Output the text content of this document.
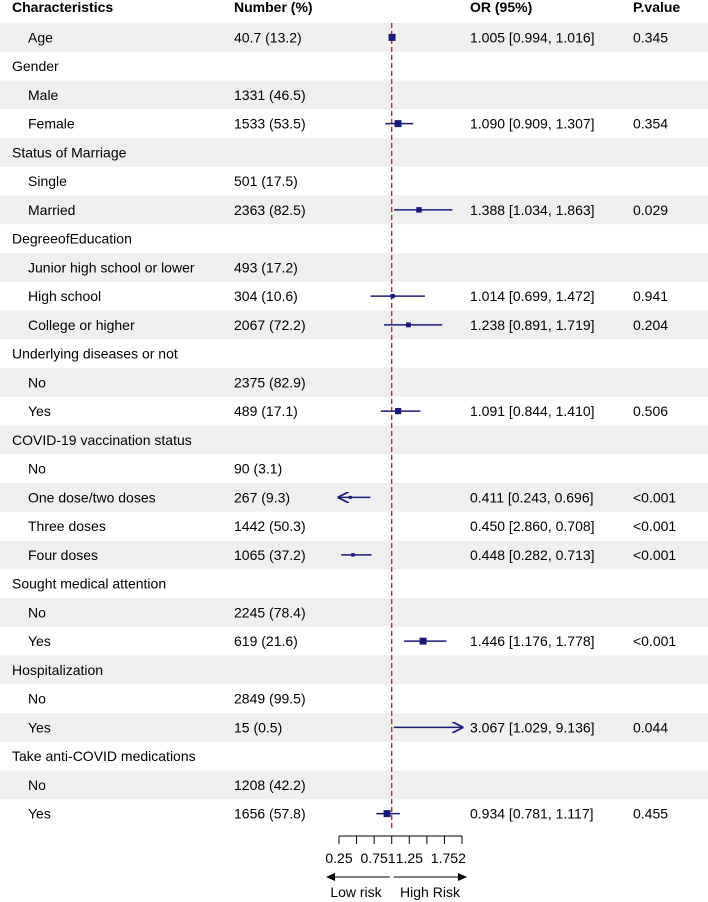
Characteristics	Number (%)	OR (95%)	P.value
Age	40.7 (13.2)	1.005 [0.994, 1.016]	0.345
Gender
Male	1331 (46.5)
Female	1533 (53.5)	1.090 [0.909, 1.307]	0.354
Status of Marriage
Single	501 (17.5)
Married	2363 (82.5)	1.388 [1.034, 1.863]	0.029
DegreeofEducation
Junior high school or lower	493 (17.2)
High school	304 (10.6)	1.014 [0.699, 1.472]	0.941
College or higher	2067 (72.2)	1.238 [0.891, 1.719]	0.204
Underlying diseases or not
No	2375 (82.9)
Yes	489 (17.1)	1.091 [0.844, 1.410]	0.506
COVID-19 vaccination status
No	90 (3.1)
One dose/two doses	267 (9.3)	0.411 [0.243, 0.696]	<0.001
Three doses	1442 (50.3)	0.450 [2.860, 0.708]	<0.001
Four doses	1065 (37.2)	0.448 [0.282, 0.713]	<0.001
Sought medical attention
No	2245 (78.4)
Yes	619 (21.6)	1.446 [1.176, 1.778]	<0.001
Hospitalization
No	2849 (99.5)
Yes	15 (0.5)	3.067 [1.029, 9.136]	0.044
Take anti-COVID medications
No	1208 (42.2)
Yes	1656 (57.8)	0.934 [0.781, 1.117]	0.455
0.25 0.75 1 1.25 1.75 2
Low risk High Risk
